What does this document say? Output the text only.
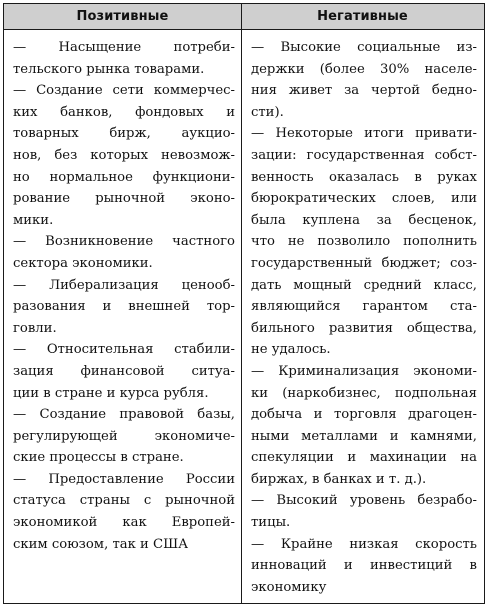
Позитивные	Негативные

— Насыщение потреби-
тельского рынка товарами.

— Создание сети коммерчес-
ких банков, фондовых и
товарных бирж, аукцио-
нов, без которых невозмож-
но нормальное функциони-
рование рыночной эконо-
мики.

— Возникновение частного
сектора экономики.

— Либерализация ценооб-
разования и внешней тор-
говли.

— Относительная стабили-
зация финансовой ситуа-
ции в стране и курса рубля.

— Создание правовой базы,
регулирующей экономиче-
ские процессы в стране.

— Предоставление России
статуса страны с рыночной
экономикой как Европей-
ским союзом, так и США

— Высокие социальные из-
держки (более 30% населе-
ния живет за чертой бедно-
сти).

— Некоторые итоги привати-
зации: государственная собст-
венность оказалась в руках
бюрократических слоев, или
была куплена за бесценок,
что не позволило пополнить
государственный бюджет; соз-
дать мощный средний класс,
являющийся гарантом ста-
бильного развития общества,
не удалось.

— Криминализация экономи-
ки (наркобизнес, подпольная
добыча и торговля драгоцен-
ными металлами и камнями,
спекуляции и махинации на
биржах, в банках и т. д.).

— Высокий уровень безрабо-
тицы.

— Крайне низкая скорость
инноваций и инвестиций в
экономику
